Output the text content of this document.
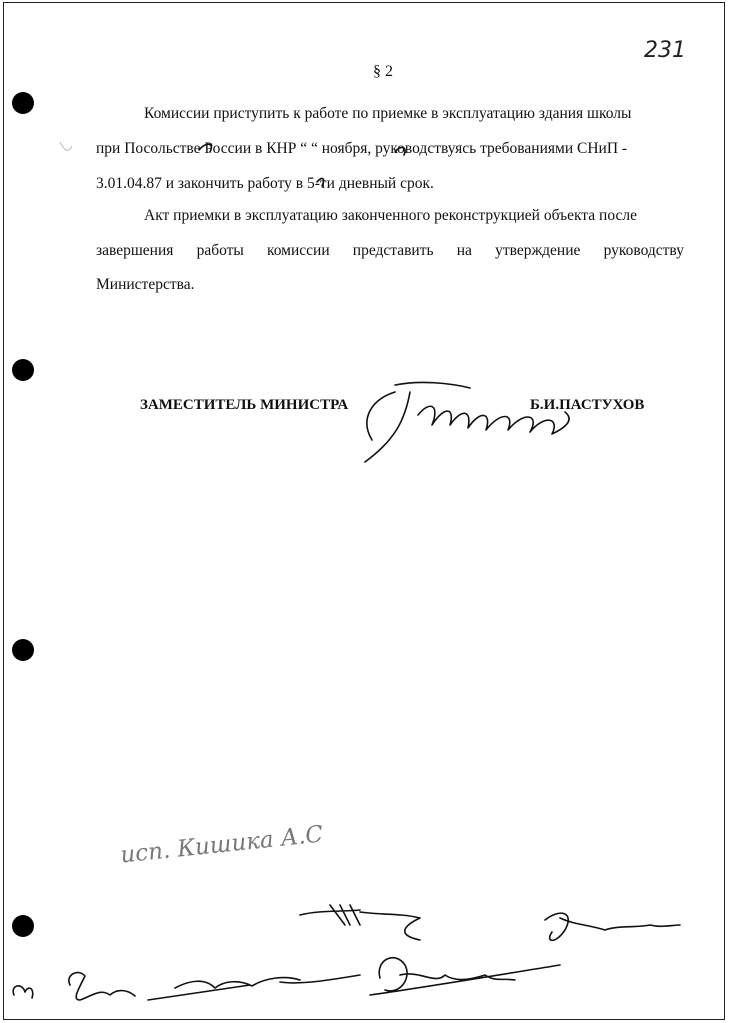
231
§ 2
Комиссии приступить к работе по приемке в эксплуатацию здания школы
при Посольстве России в КНР “ “ ноября, руководствуясь требованиями СНиП -
3.01.04.87 и закончить работу в 5-ти дневный срок.
Акт приемки в эксплуатацию законченного реконструкцией объекта после
завершения работы комиссии представить на утверждение руководству
Министерства.
ЗАМЕСТИТЕЛЬ МИНИСТРА	Б.И.ПАСТУХОВ
исп. Кишика А.С
